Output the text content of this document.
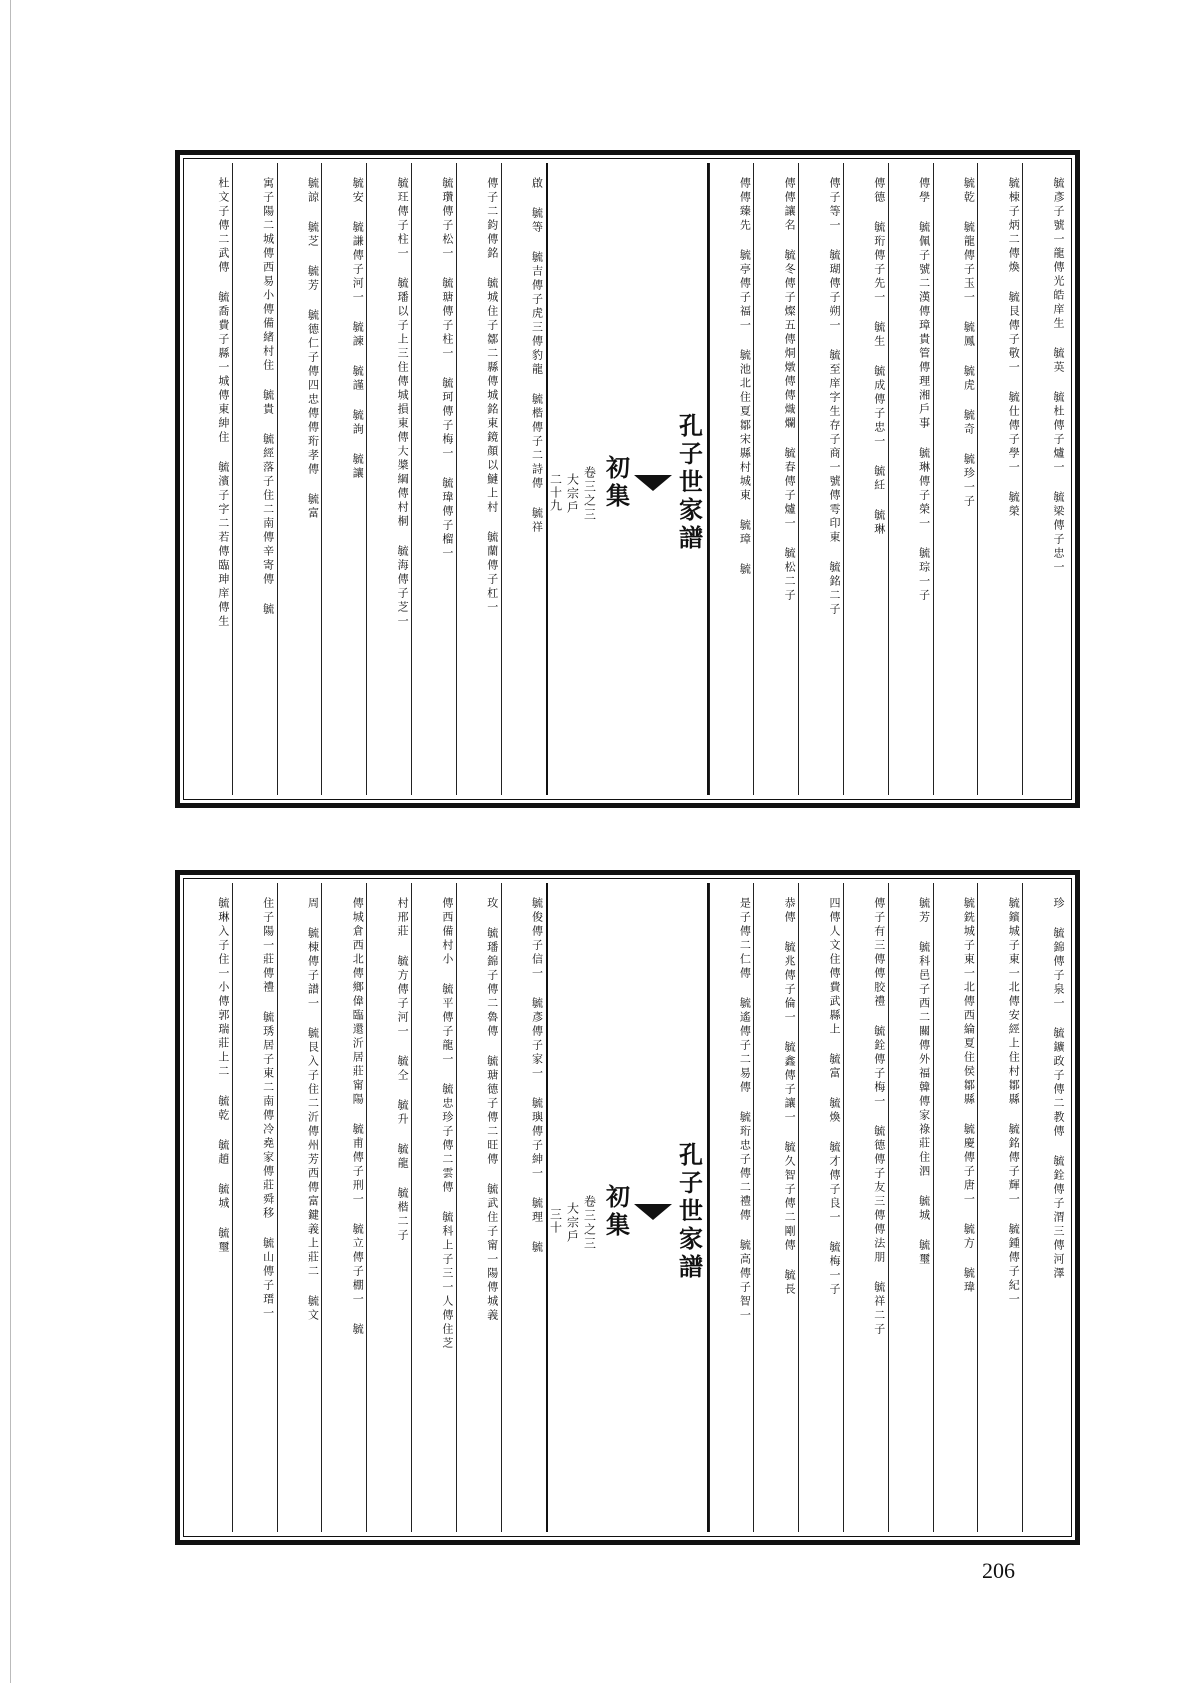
毓彥子號一龍傳光皓庠生 毓英 毓杜傳子爐一 毓梁傳子忠一
毓棟子炳二傳煥 毓艮傳子敬一 毓仕傳子學一 毓榮
毓乾 毓龍傳子玉一 毓鳳 毓虎 毓奇 毓珍一子
傳學 毓佩子號二漢傳璋貴管傳理湘戶事 毓琳傳子榮一 毓琮一子
傳德 毓珩傳子先一 毓生 毓成傳子忠一 毓紝 毓琳
傳子等一 毓瑚傳子朔一 毓至庠字生存子商一號傳雩印東 毓銘二子
傳傳讓名 毓冬傳子燦五傳烔燉傳傳熾爛 毓春傳子爐一 毓松二子
傳傳臻先 毓亭傳子福一 毓池北住夏鄒宋縣村城東 毓璋 毓
孔子世家譜
初集
卷三之三
大宗戶
二十九
啟 毓等 毓吉傳子虎三傳豹龍 毓楷傳子二詩傳 毓祥
傳子二鈞傳銘 毓城住子鄒二縣傳城銘東鏡顏以鰱上村 毓蘭傳子杠一
毓瓚傳子松一 毓瑭傳子柱一 毓珂傳子梅一 毓瑋傳子榴一
毓玨傳子柱一 毓璠以子上三住傳城損東傳大槳綱傳村桐 毓海傳子芝一
毓安 毓謙傳子河一 毓諫 毓謹 毓詢 毓讓
毓諒 毓芝 毓芳 毓德仁子傳四忠傳傳珩孝傳 毓富
寓子陽二城傳西易小傳備緒村住 毓貴 毓經落子住二南傳辛寄傳 毓
杜文子傳二武傳 毓喬費子縣一城傳東紳住 毓濱子字二若傳臨珅庠傳生
珍 毓錦傳子泉一 毓鑛政子傳二教傳 毓銓傳子渭三傳河澤
毓鑌城子東一北傳安經上住村鄒縣 毓銘傳子輝一 毓鍾傳子紀一
毓銑城子東一北傳西綸夏住侯鄒縣 毓慶傳子唐一 毓方 毓瑋
毓芳 毓科邑子西二關傳外福韓傳家祿莊住泗 毓城 毓璽
傳子有三傳傳胶禮 毓銓傳子梅一 毓德傳子友三傳傳法朋 毓祥二子
四傳人文住傳費武縣上 毓富 毓煥 毓才傳子良一 毓梅一子
恭傳 毓兆傳子倫一 毓鑫傳子讓一 毓久智子傳二剛傳 毓長
是子傳二仁傳 毓遙傳子二易傳 毓珩忠子傳二禮傳 毓高傳子智一
孔子世家譜
初集
卷三之三
大宗戶
三十
毓俊傳子信一 毓彥傳子家一 毓璵傳子紳一 毓理 毓
玫 毓璠錦子傳二魯傳 毓瑭德子傳二旺傳 毓武住子甯一陽傳城義
傳西備村小 毓平傳子龍一 毓忠珍子傳二雲傳 毓科上子三一人傳住芝
村邢莊 毓方傳子河一 毓仝 毓升 毓龍 毓楷二子
傳城倉西北傳鄉偉臨還沂居莊甯陽 毓甫傳子刑一 毓立傳子棚一 毓
周 毓棟傳子譜一 毓艮入子住二沂傳州芳西傳富鍵義上莊二 毓文
住子陽一莊傳禮 毓琇居子東二南傳冷堯家傳莊舜移 毓山傳子瑨一
毓琳入子住一小傳郭瑞莊上二 毓乾 毓趙 毓城 毓璽
206
